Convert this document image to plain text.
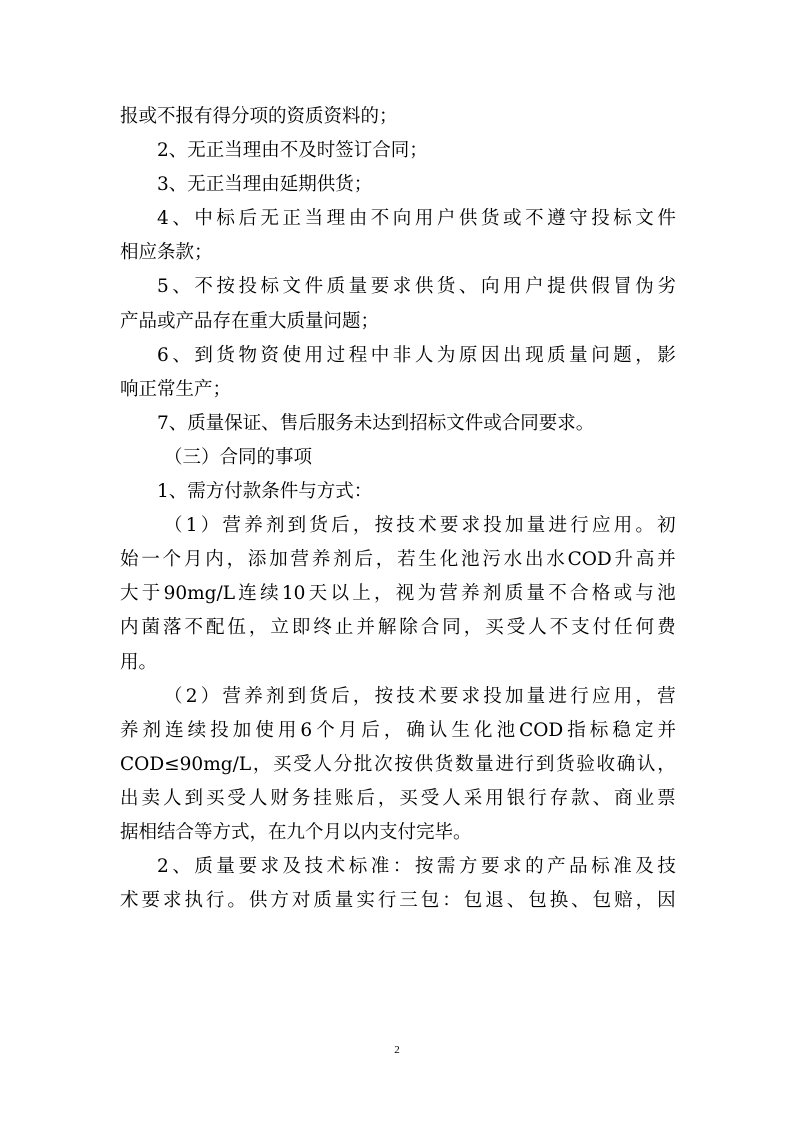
报或不报有得分项的资质资料的；
2、无正当理由不及时签订合同；
3、无正当理由延期供货；
4 、 中 标 后 无 正 当 理 由 不 向 用 户 供 货 或 不 遵 守 投 标 文 件
相应条款；
5 、 不 按 投 标 文 件 质 量 要 求 供 货 、 向 用 户 提 供 假 冒 伪 劣
产品或产品存在重大质量问题；
6 、 到 货 物 资 使 用 过 程 中 非 人 为 原 因 出 现 质 量 问 题 ， 影
响正常生产；
7、质量保证、售后服务未达到招标文件或合同要求。
（三）合同的事项
1、需方付款条件与方式：
（ 1 ） 营 养 剂 到 货 后 ， 按 技 术 要 求 投 加 量 进 行 应 用 。 初
始 一 个 月 内 ， 添 加 营 养 剂 后 ， 若 生 化 池 污 水 出 水 COD 升 高 并
大 于 90mg/L 连 续 10 天 以 上 ， 视 为 营 养 剂 质 量 不 合 格 或 与 池
内 菌 落 不 配 伍 ， 立 即 终 止 并 解 除 合 同 ， 买 受 人 不 支 付 任 何 费
用。
（ 2 ） 营 养 剂 到 货 后 ， 按 技 术 要 求 投 加 量 进 行 应 用 ， 营
养 剂 连 续 投 加 使 用 6 个 月 后 ， 确 认 生 化 池 COD 指 标 稳 定 并
COD≤90mg/L ， 买 受 人 分 批 次 按 供 货 数 量 进 行 到 货 验 收 确 认 ，
出 卖 人 到 买 受 人 财 务 挂 账 后 ， 买 受 人 采 用 银 行 存 款 、 商 业 票
据相结合等方式，在九个月以内支付完毕。
2 、 质 量 要 求 及 技 术 标 准 ： 按 需 方 要 求 的 产 品 标 准 及 技
术 要 求 执 行 。 供 方 对 质 量 实 行 三 包 ： 包 退 、 包 换 、 包 赔 ， 因
2
